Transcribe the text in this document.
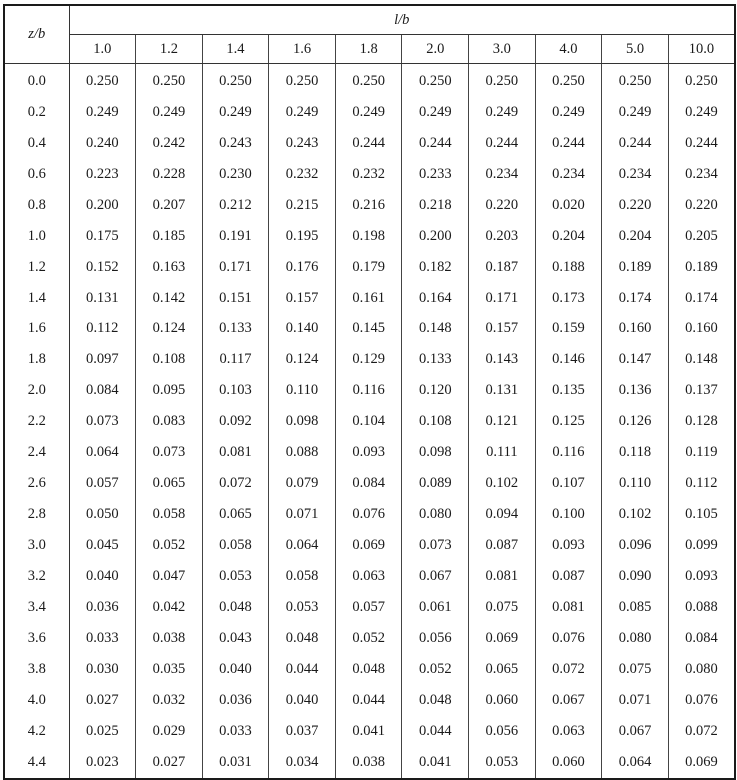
z/b	l/b									
	1.0	1.2	1.4	1.6	1.8	2.0	3.0	4.0	5.0	10.0
0.0	0.250	0.250	0.250	0.250	0.250	0.250	0.250	0.250	0.250	0.250
0.2	0.249	0.249	0.249	0.249	0.249	0.249	0.249	0.249	0.249	0.249
0.4	0.240	0.242	0.243	0.243	0.244	0.244	0.244	0.244	0.244	0.244
0.6	0.223	0.228	0.230	0.232	0.232	0.233	0.234	0.234	0.234	0.234
0.8	0.200	0.207	0.212	0.215	0.216	0.218	0.220	0.020	0.220	0.220
1.0	0.175	0.185	0.191	0.195	0.198	0.200	0.203	0.204	0.204	0.205
1.2	0.152	0.163	0.171	0.176	0.179	0.182	0.187	0.188	0.189	0.189
1.4	0.131	0.142	0.151	0.157	0.161	0.164	0.171	0.173	0.174	0.174
1.6	0.112	0.124	0.133	0.140	0.145	0.148	0.157	0.159	0.160	0.160
1.8	0.097	0.108	0.117	0.124	0.129	0.133	0.143	0.146	0.147	0.148
2.0	0.084	0.095	0.103	0.110	0.116	0.120	0.131	0.135	0.136	0.137
2.2	0.073	0.083	0.092	0.098	0.104	0.108	0.121	0.125	0.126	0.128
2.4	0.064	0.073	0.081	0.088	0.093	0.098	0.111	0.116	0.118	0.119
2.6	0.057	0.065	0.072	0.079	0.084	0.089	0.102	0.107	0.110	0.112
2.8	0.050	0.058	0.065	0.071	0.076	0.080	0.094	0.100	0.102	0.105
3.0	0.045	0.052	0.058	0.064	0.069	0.073	0.087	0.093	0.096	0.099
3.2	0.040	0.047	0.053	0.058	0.063	0.067	0.081	0.087	0.090	0.093
3.4	0.036	0.042	0.048	0.053	0.057	0.061	0.075	0.081	0.085	0.088
3.6	0.033	0.038	0.043	0.048	0.052	0.056	0.069	0.076	0.080	0.084
3.8	0.030	0.035	0.040	0.044	0.048	0.052	0.065	0.072	0.075	0.080
4.0	0.027	0.032	0.036	0.040	0.044	0.048	0.060	0.067	0.071	0.076
4.2	0.025	0.029	0.033	0.037	0.041	0.044	0.056	0.063	0.067	0.072
4.4	0.023	0.027	0.031	0.034	0.038	0.041	0.053	0.060	0.064	0.069
